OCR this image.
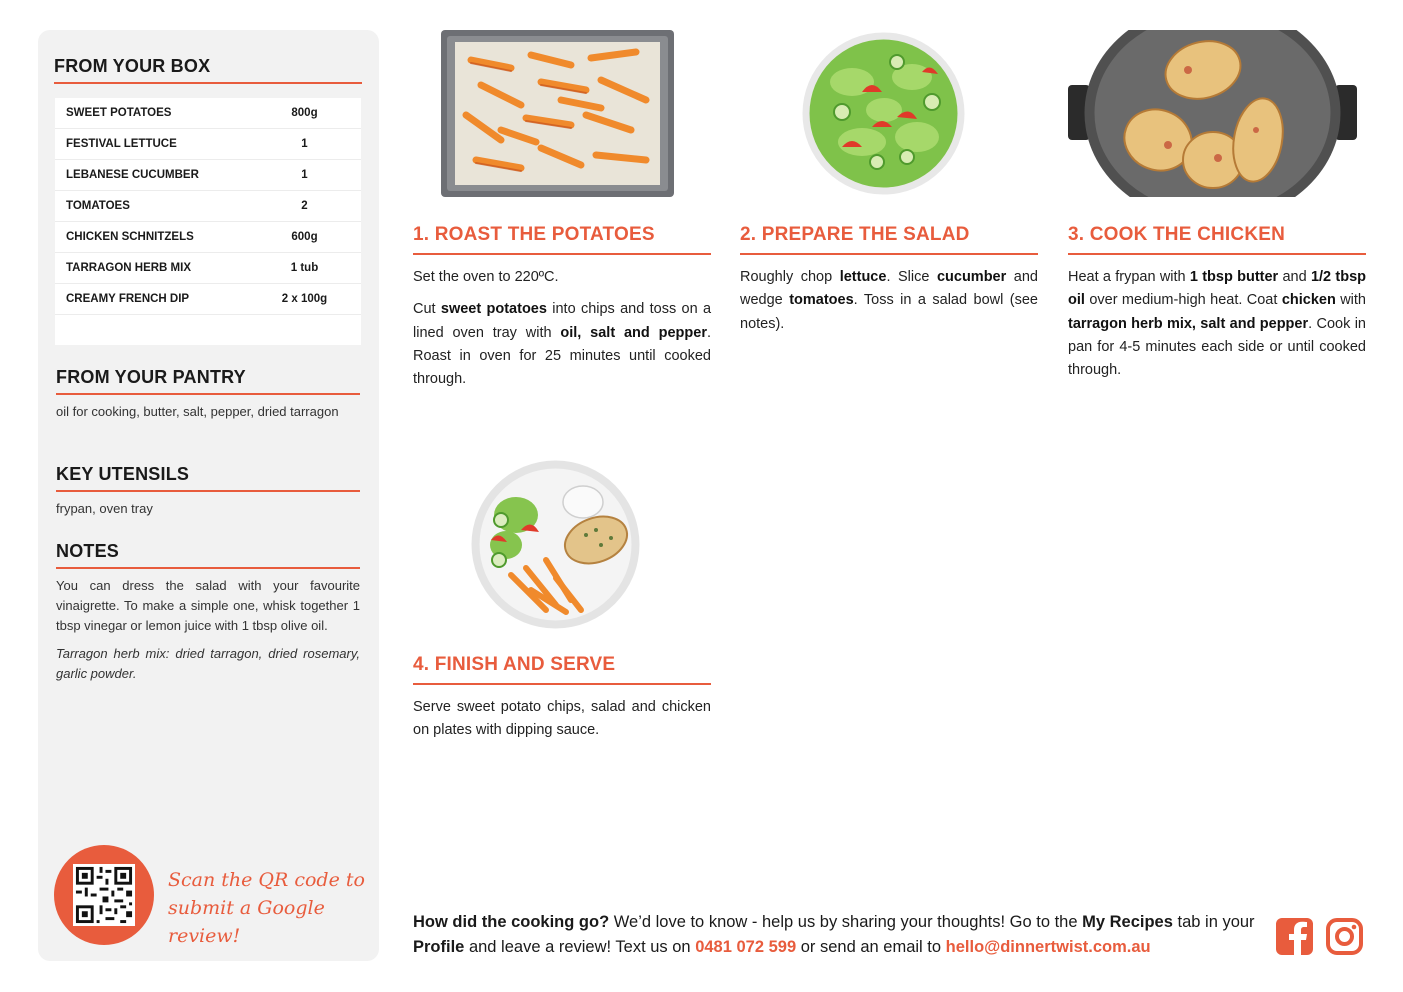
FROM YOUR BOX
SWEET POTATOES	800g
FESTIVAL LETTUCE	1
LEBANESE CUCUMBER	1
TOMATOES	2
CHICKEN SCHNITZELS	600g
TARRAGON HERB MIX	1 tub
CREAMY FRENCH DIP	2 x 100g
FROM YOUR PANTRY
oil for cooking, butter, salt, pepper, dried tarragon
KEY UTENSILS
frypan, oven tray
NOTES
You can dress the salad with your favourite vinaigrette. To make a simple one, whisk together 1 tbsp vinegar or lemon juice with 1 tbsp olive oil.
Tarragon herb mix: dried tarragon, dried rosemary, garlic powder.
Scan the QR code to
submit a Google review!
1. ROAST THE POTATOES

Set the oven to 220ºC.

Cut sweet potatoes into chips and toss on a lined oven tray with oil, salt and pepper. Roast in oven for 25 minutes until cooked through.

2. PREPARE THE SALAD

Roughly chop lettuce. Slice cucumber and wedge tomatoes. Toss in a salad bowl (see notes).

3. COOK THE CHICKEN

Heat a frypan with 1 tbsp butter and 1/2 tbsp oil over medium-high heat. Coat chicken with tarragon herb mix, salt and pepper. Cook in pan for 4-5 minutes each side or until cooked through.

4. FINISH AND SERVE

Serve sweet potato chips, salad and chicken on plates with dipping sauce.

How did the cooking go? We’d love to know - help us by sharing your thoughts! Go to the My Recipes tab in your Profile and leave a review! Text us on 0481 072 599 or send an email to hello@dinnertwist.com.au
